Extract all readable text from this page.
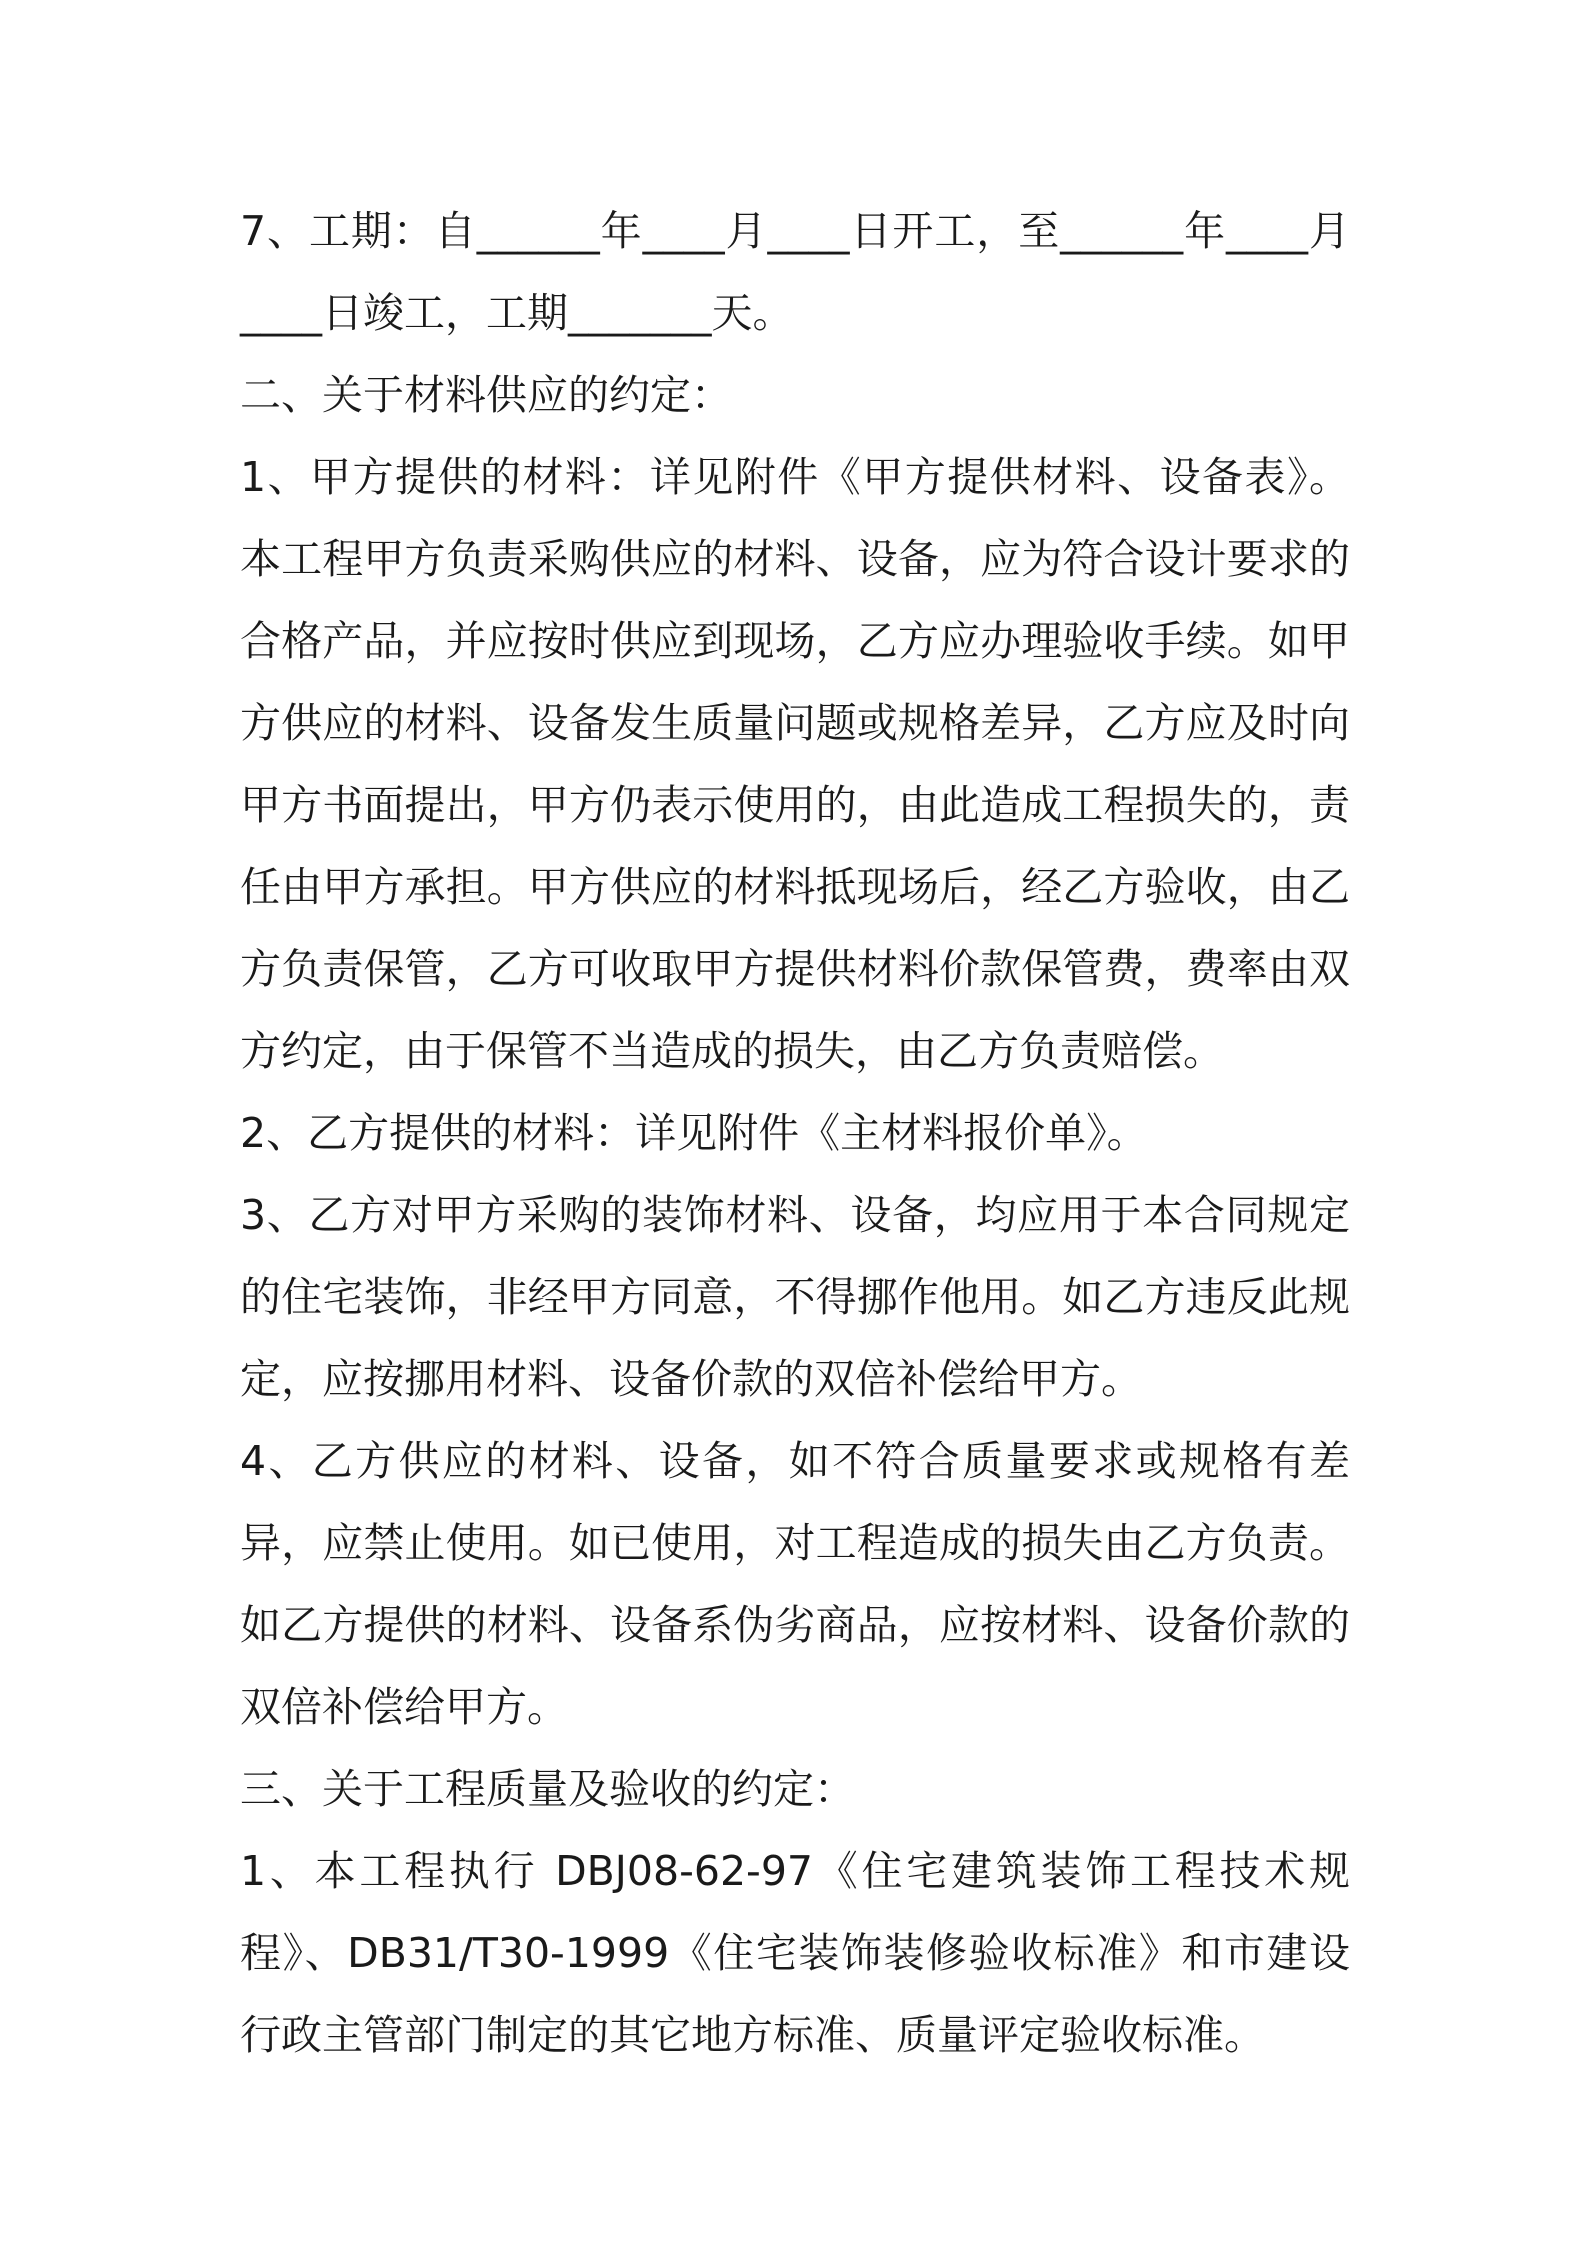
7、工期：自______年____月____日开工，至______年____月____日竣工，工期_______天。

二、关于材料供应的约定：

1、甲方提供的材料：详见附件《甲方提供材料、设备表》。本工程甲方负责采购供应的材料、设备，应为符合设计要求的合格产品，并应按时供应到现场，乙方应办理验收手续。如甲方供应的材料、设备发生质量问题或规格差异，乙方应及时向甲方书面提出，甲方仍表示使用的，由此造成工程损失的，责任由甲方承担。甲方供应的材料抵现场后，经乙方验收，由乙方负责保管，乙方可收取甲方提供材料价款保管费，费率由双方约定，由于保管不当造成的损失，由乙方负责赔偿。

2、乙方提供的材料：详见附件《主材料报价单》。

3、乙方对甲方采购的装饰材料、设备，均应用于本合同规定的住宅装饰，非经甲方同意，不得挪作他用。如乙方违反此规定，应按挪用材料、设备价款的双倍补偿给甲方。

4、乙方供应的材料、设备，如不符合质量要求或规格有差异，应禁止使用。如已使用，对工程造成的损失由乙方负责。如乙方提供的材料、设备系伪劣商品，应按材料、设备价款的双倍补偿给甲方。

三、关于工程质量及验收的约定：

1、本工程执行 DBJ08-62-97《住宅建筑装饰工程技术规程》、DB31/T30-1999《住宅装饰装修验收标准》和市建设行政主管部门制定的其它地方标准、质量评定验收标准。
